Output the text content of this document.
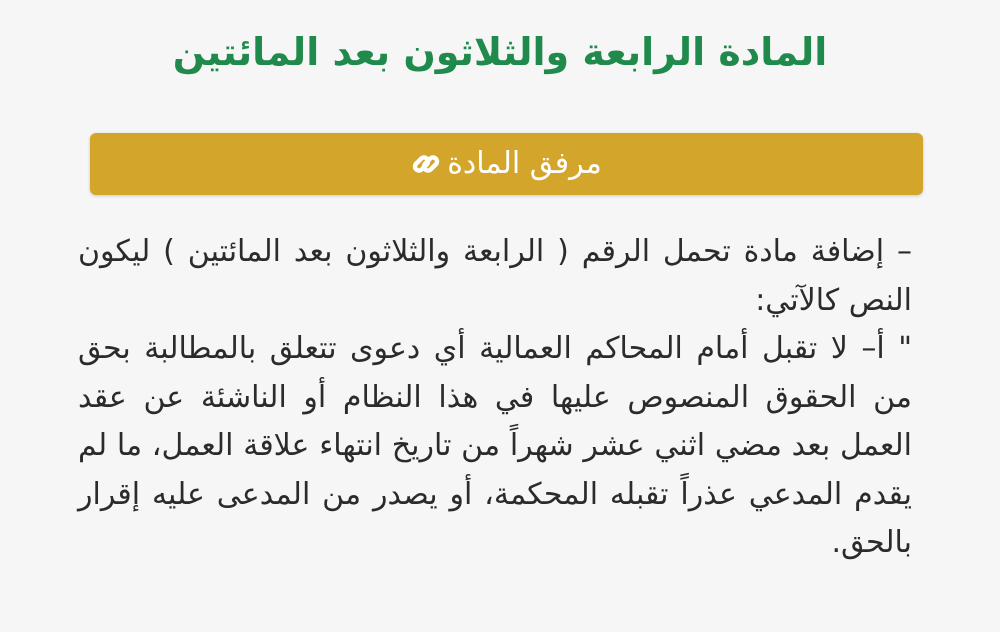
المادة الرابعة والثلاثون بعد المائتين
مرفق المادة

– إضافة مادة تحمل الرقم ( الرابعة والثلاثون بعد المائتين ) ليكون النص كالآتي:

" أ– لا تقبل أمام المحاكم العمالية أي دعوى تتعلق بالمطالبة بحق من الحقوق المنصوص عليها في هذا النظام أو الناشئة عن عقد العمل بعد مضي اثني عشر شهراً من تاريخ انتهاء علاقة العمل، ما لم يقدم المدعي عذراً تقبله المحكمة، أو يصدر من المدعى عليه إقرار بالحق.
